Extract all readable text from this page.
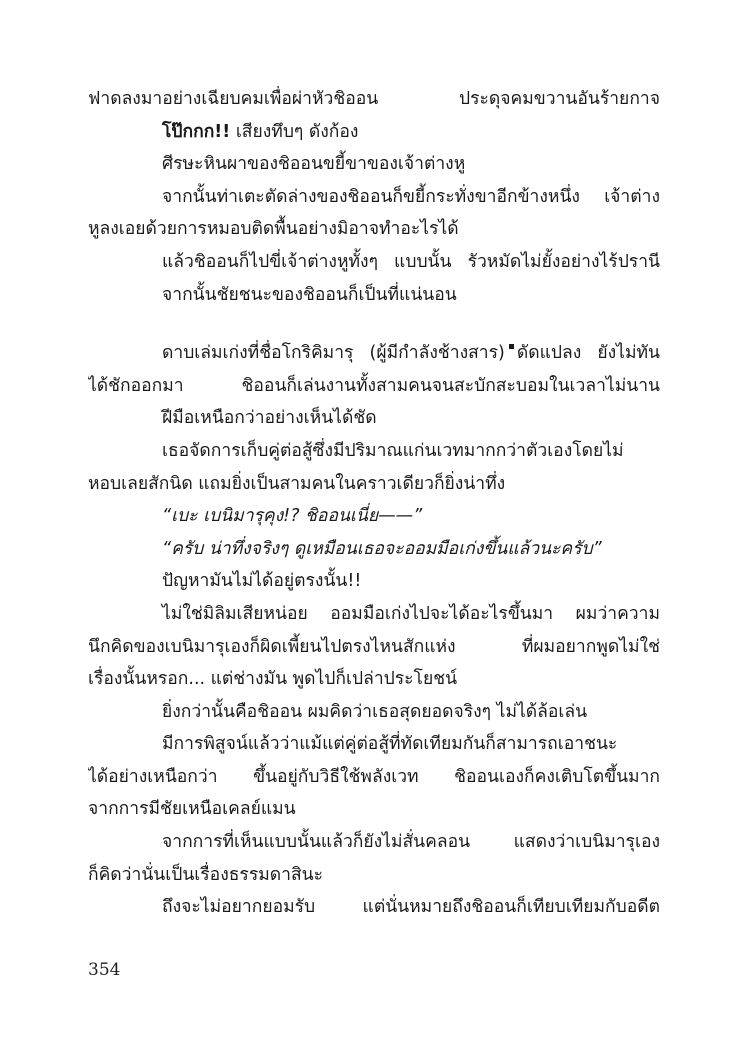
ฟาดลงมาอย่างเฉียบคมเพื่อผ่าหัวชิออน ประดุจคมขวานอันร้ายกาจ
โป๊กกก!! เสียงทึบๆ ดังก้อง
ศีรษะหินผาของชิออนขยี้ขาของเจ้าต่างหู
จากนั้นท่าเตะตัดล่างของชิออนก็ขยี้กระทั่งขาอีกข้างหนึ่ง เจ้าต่าง
หูลงเอยด้วยการหมอบติดพื้นอย่างมิอาจทำอะไรได้
แล้วชิออนก็ไปขี่เจ้าต่างหูทั้งๆ แบบนั้น รัวหมัดไม่ยั้งอย่างไร้ปรานี
จากนั้นชัยชนะของชิออนก็เป็นที่แน่นอน
ดาบเล่มเก่งที่ชื่อโกริคิมารุ (ผู้มีกำลังช้างสาร) ดัดแปลง ยังไม่ทัน
ได้ชักออกมา ชิออนก็เล่นงานทั้งสามคนจนสะบักสะบอมในเวลาไม่นาน
ฝีมือเหนือกว่าอย่างเห็นได้ชัด
เธอจัดการเก็บคู่ต่อสู้ซึ่งมีปริมาณแก่นเวทมากกว่าตัวเองโดยไม่
หอบเลยสักนิด แถมยิ่งเป็นสามคนในคราวเดียวก็ยิ่งน่าทึ่ง
“เบะ เบนิมารุคุง!? ชิออนเนี่ย——”
“ครับ น่าทึ่งจริงๆ ดูเหมือนเธอจะออมมือเก่งขึ้นแล้วนะครับ”
ปัญหามันไม่ได้อยู่ตรงนั้น!!
ไม่ใช่มิลิมเสียหน่อย ออมมือเก่งไปจะได้อะไรขึ้นมา ผมว่าความ
นึกคิดของเบนิมารุเองก็ผิดเพี้ยนไปตรงไหนสักแห่ง ที่ผมอยากพูดไม่ใช่
เรื่องนั้นหรอก... แต่ช่างมัน พูดไปก็เปล่าประโยชน์
ยิ่งกว่านั้นคือชิออน ผมคิดว่าเธอสุดยอดจริงๆ ไม่ได้ล้อเล่น
มีการพิสูจน์แล้วว่าแม้แต่คู่ต่อสู้ที่ทัดเทียมกันก็สามารถเอาชนะ
ได้อย่างเหนือกว่า ขึ้นอยู่กับวิธีใช้พลังเวท ชิออนเองก็คงเติบโตขึ้นมาก
จากการมีชัยเหนือเคลย์แมน
จากการที่เห็นแบบนั้นแล้วก็ยังไม่สั่นคลอน แสดงว่าเบนิมารุเอง
ก็คิดว่านั่นเป็นเรื่องธรรมดาสินะ
ถึงจะไม่อยากยอมรับ แต่นั่นหมายถึงชิออนก็เทียบเทียมกับอดีต
354
